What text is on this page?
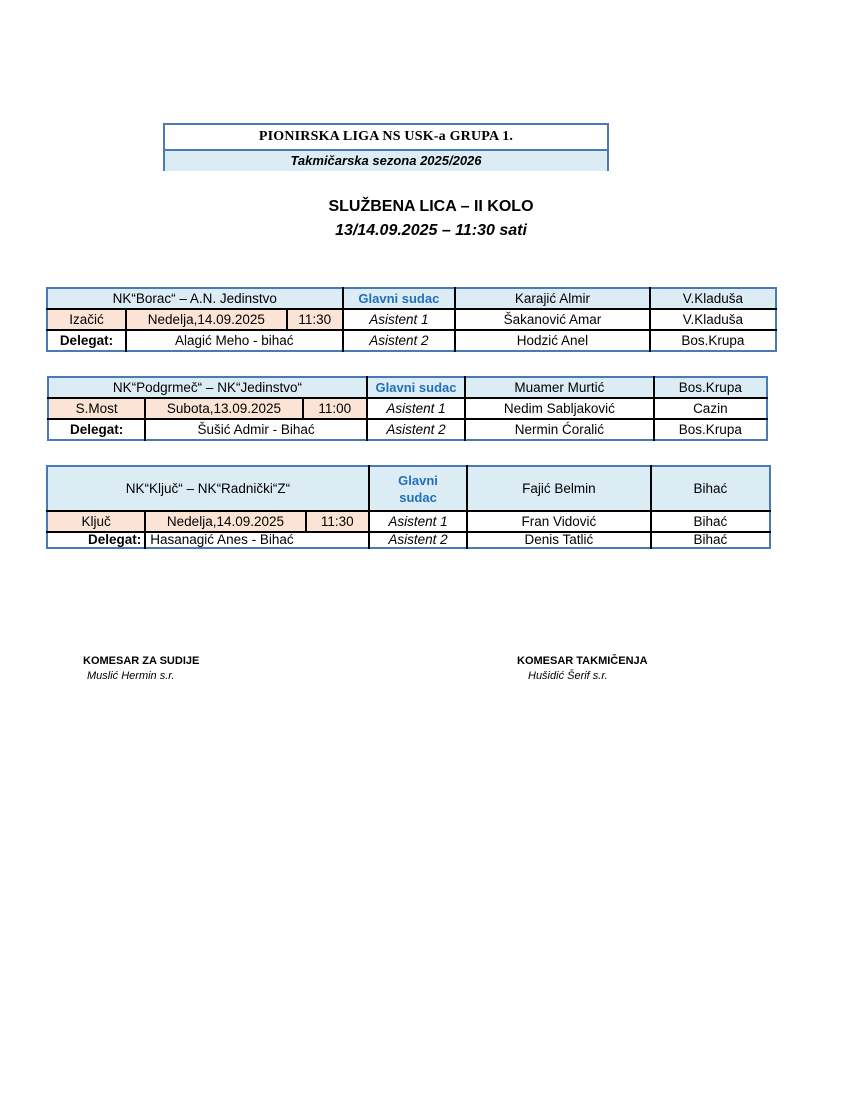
PIONIRSKA LIGA NS USK-a GRUPA 1.
Takmičarska sezona 2025/2026
SLUŽBENA LICA – II KOLO
13/14.09.2025 – 11:30 sati
NK“Borac“ – A.N. Jedinstvo			Glavni sudac	Karajić Almir	V.Kladuša
Izačić	Nedelja,14.09.2025	11:30	Asistent 1	Šakanović Amar	V.Kladuša
Delegat:	Alagić Meho - bihać		Asistent 2	Hodzić Anel	Bos.Krupa
NK“Podgrmeč“ – NK“Jedinstvo“			Glavni sudac	Muamer Murtić	Bos.Krupa
S.Most	Subota,13.09.2025	11:00	Asistent 1	Nedim Sabljaković	Cazin
Delegat:	Šušić Admir - Bihać		Asistent 2	Nermin Ćoralić	Bos.Krupa
NK“Ključ“ – NK“Radnički“Z“			Glavni sudac	Fajić Belmin	Bihać
Ključ	Nedelja,14.09.2025	11:30	Asistent 1	Fran Vidović	Bihać
Delegat:	Hasanagić Anes - Bihać		Asistent 2	Denis Tatlić	Bihać
KOMESAR ZA SUDIJE
Muslić Hermin s.r.
KOMESAR TAKMIČENJA
Hušidić Šerif s.r.
